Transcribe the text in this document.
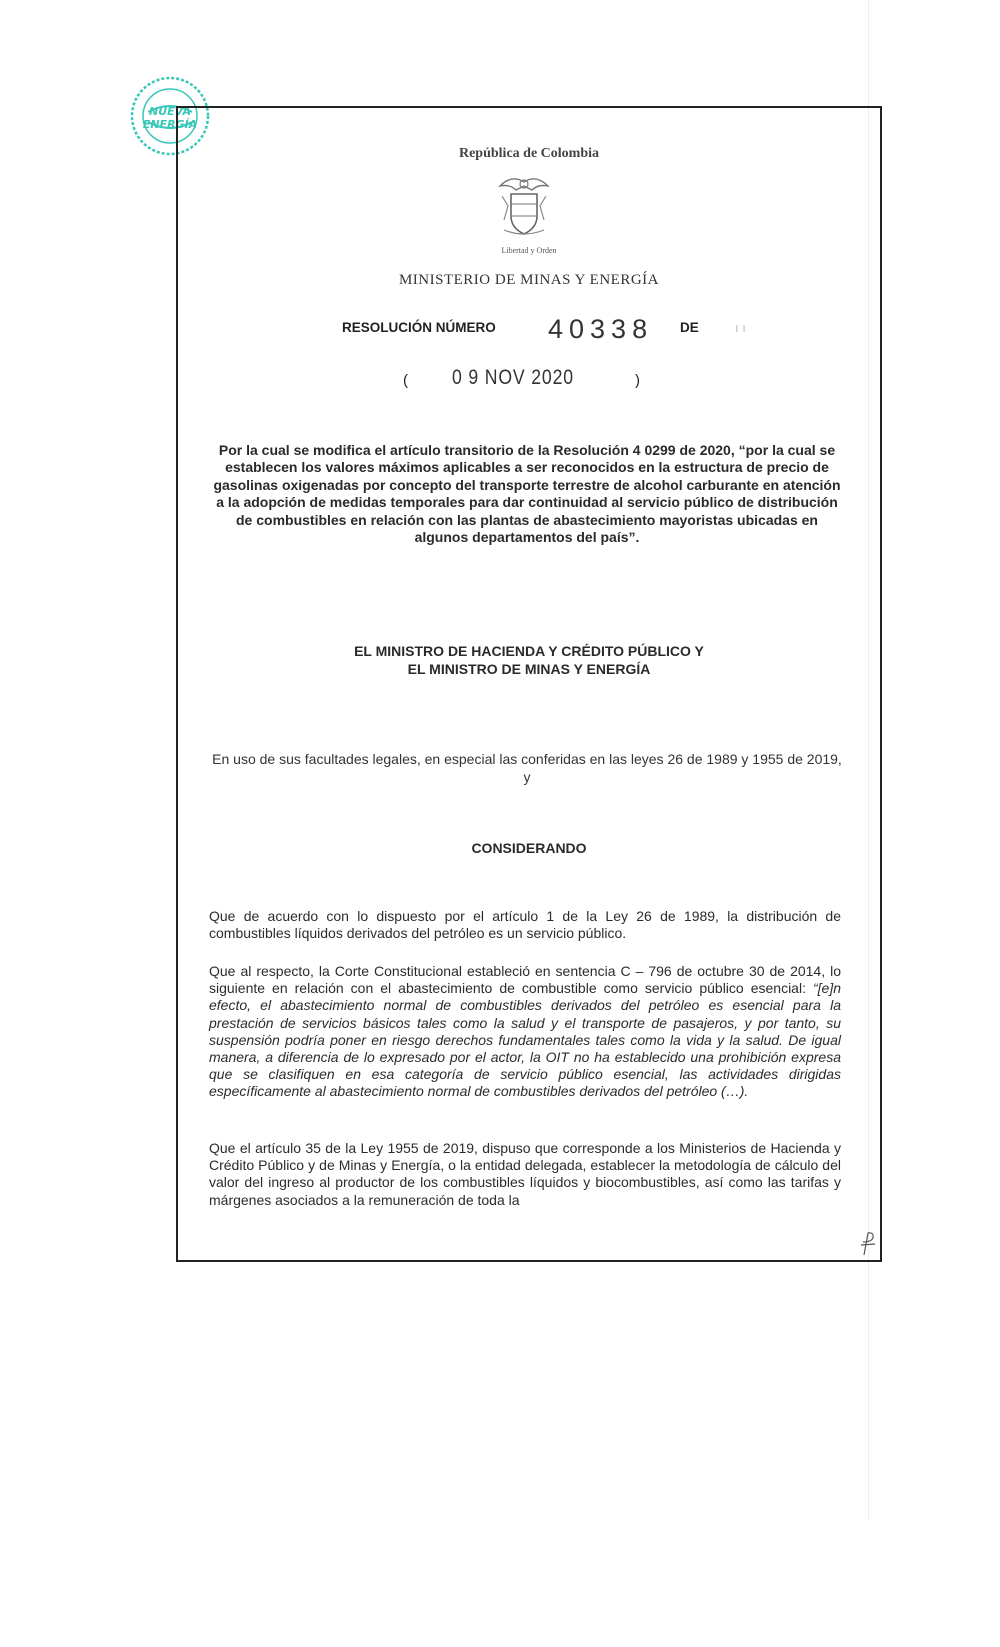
NUEVA
ENERGÍA
República de Colombia
Libertad y Orden
MINISTERIO DE MINAS Y ENERGÍA
RESOLUCIÓN NÚMERO 40338 DE	ı ı
( 0 9 NOV 2020	)
Por la cual se modifica el artículo transitorio de la Resolución 4 0299 de 2020, “por la cual se establecen los valores máximos aplicables a ser reconocidos en la estructura de precio de gasolinas oxigenadas por concepto del transporte terrestre de alcohol carburante en atención a la adopción de medidas temporales para dar continuidad al servicio público de distribución de combustibles en relación con las plantas de abastecimiento mayoristas ubicadas en algunos departamentos del país”.
EL MINISTRO DE HACIENDA Y CRÉDITO PÚBLICO Y
EL MINISTRO DE MINAS Y ENERGÍA
En uso de sus facultades legales, en especial las conferidas en las leyes 26 de 1989 y 1955 de 2019, y
CONSIDERANDO
Que de acuerdo con lo dispuesto por el artículo 1 de la Ley 26 de 1989, la distribución de combustibles líquidos derivados del petróleo es un servicio público.
Que al respecto, la Corte Constitucional estableció en sentencia C – 796 de octubre 30 de 2014, lo siguiente en relación con el abastecimiento de combustible como servicio público esencial: “[e]n efecto, el abastecimiento normal de combustibles derivados del petróleo es esencial para la prestación de servicios básicos tales como la salud y el transporte de pasajeros, y por tanto, su suspensión podría poner en riesgo derechos fundamentales tales como la vida y la salud. De igual manera, a diferencia de lo expresado por el actor, la OIT no ha establecido una prohibición expresa que se clasifiquen en esa categoría de servicio público esencial, las actividades dirigidas específicamente al abastecimiento normal de combustibles derivados del petróleo (…).
Que el artículo 35 de la Ley 1955 de 2019, dispuso que corresponde a los Ministerios de Hacienda y Crédito Público y de Minas y Energía, o la entidad delegada, establecer la metodología de cálculo del valor del ingreso al productor de los combustibles líquidos y biocombustibles, así como las tarifas y márgenes asociados a la remuneración de toda la
